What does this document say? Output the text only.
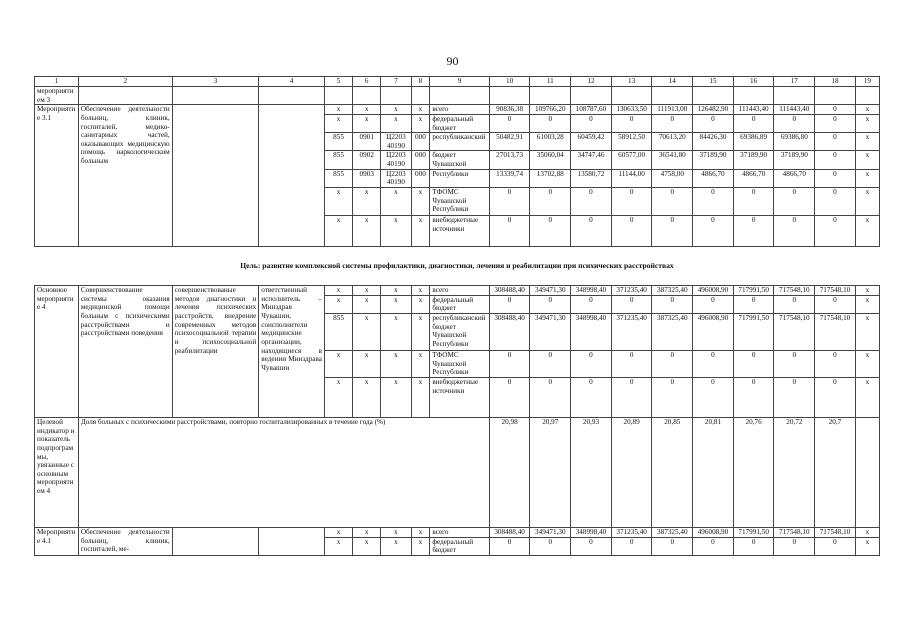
90
1	2	3	4	5	6	7	8	9	10	11	12	13	14	15	16	17	18	19
мероприятием 3																		
Мероприятие 3.1	Обеспечение деятельности больниц, клиник, госпиталей, медико-санитарных частей, оказывающих медицинскую помощь наркологическим больным			x	x	x	x	всего	90836,38	109766,20	108787,60	130633,50	111913,00	126482,90	111443,40	111443,40	0	x
				x	x	x	x	федеральный бюджет	0	0	0	0	0	0	0	0	0	x
				855	0901	Ц2203 40190	000	республиканский	50482,91	61003,28	60459,42	58912,50	70613,20	84426,30	69386,89	69386,80	0	x
				855	0902	Ц2203 40190	000	бюджет Чувашской	27013,73	35060,04	34747,46	60577,00	36541,80	37189,90	37189,90	37189,90	0	x
				855	0903	Ц2203 40190	000	Республики	13339,74	13702,88	13580,72	11144,00	4758,00	4866,70	4866,70	4866,70	0	x
				x	x	x	x	ТФОМС Чувашской Республики	0	0	0	0	0	0	0	0	0	x
				x	x	x	x	внебюджетные источники	0	0	0	0	0	0	0	0	0	x

Цель: развитие комплексной системы профилактики, диагностики, лечения и реабилитации при психических расстройствах																		

Основное мероприятие 4	Совершенствование системы оказания медицинской помощи больным с психическими расстройствами и расстройствами поведения	совершенствованые методов диагностики и лечения психических расстройств, внедрение современных методов психосоциальной терапии и психосоциальной реабилитации	ответственный исполнитель – Минздрав Чувашии, соисполнители медицинские организации, находящиеся в ведении Минздрава Чувашии	x	x	x	x	всего	308488,40	349471,30	348998,40	371235,40	387325,40	496008,90	717991,50	717548,10	717548,10	x
				x	x	x	x	федеральный бюджет	0	0	0	0	0	0	0	0	0	x
				855	x	x	x	республиканский бюджет Чувашской Республики	308488,40	349471,30	348998,40	371235,40	387325,40	496008,90	717991,50	717548,10	717548,10	x
				x	x	x	x	ТФОМС Чувашской Республики	0	0	0	0	0	0	0	0	0	x
				x	x	x	x	внебюджетные источники	0	0	0	0	0	0	0	0	0	x
Целевой индикатор и показатель подпрограммы, увязанные с основным мероприятием 4	Доля больных с психическими расстройствами, повторно госпитализированных в течение года (%)								20,98	20,97	20,93	20,89	20,85	20,81	20,76	20,72	20,7	
Мероприятие 4.1	Обеспечение деятельности больниц, клиник, госпиталей, ме-			x	x	x	x	всего	308488,40	349471,30	348998,40	371235,40	387325,40	496008,90	717991,50	717548,10	717548,10	x
				x	x	x	x	федеральный бюджет	0	0	0	0	0	0	0	0	0	x
